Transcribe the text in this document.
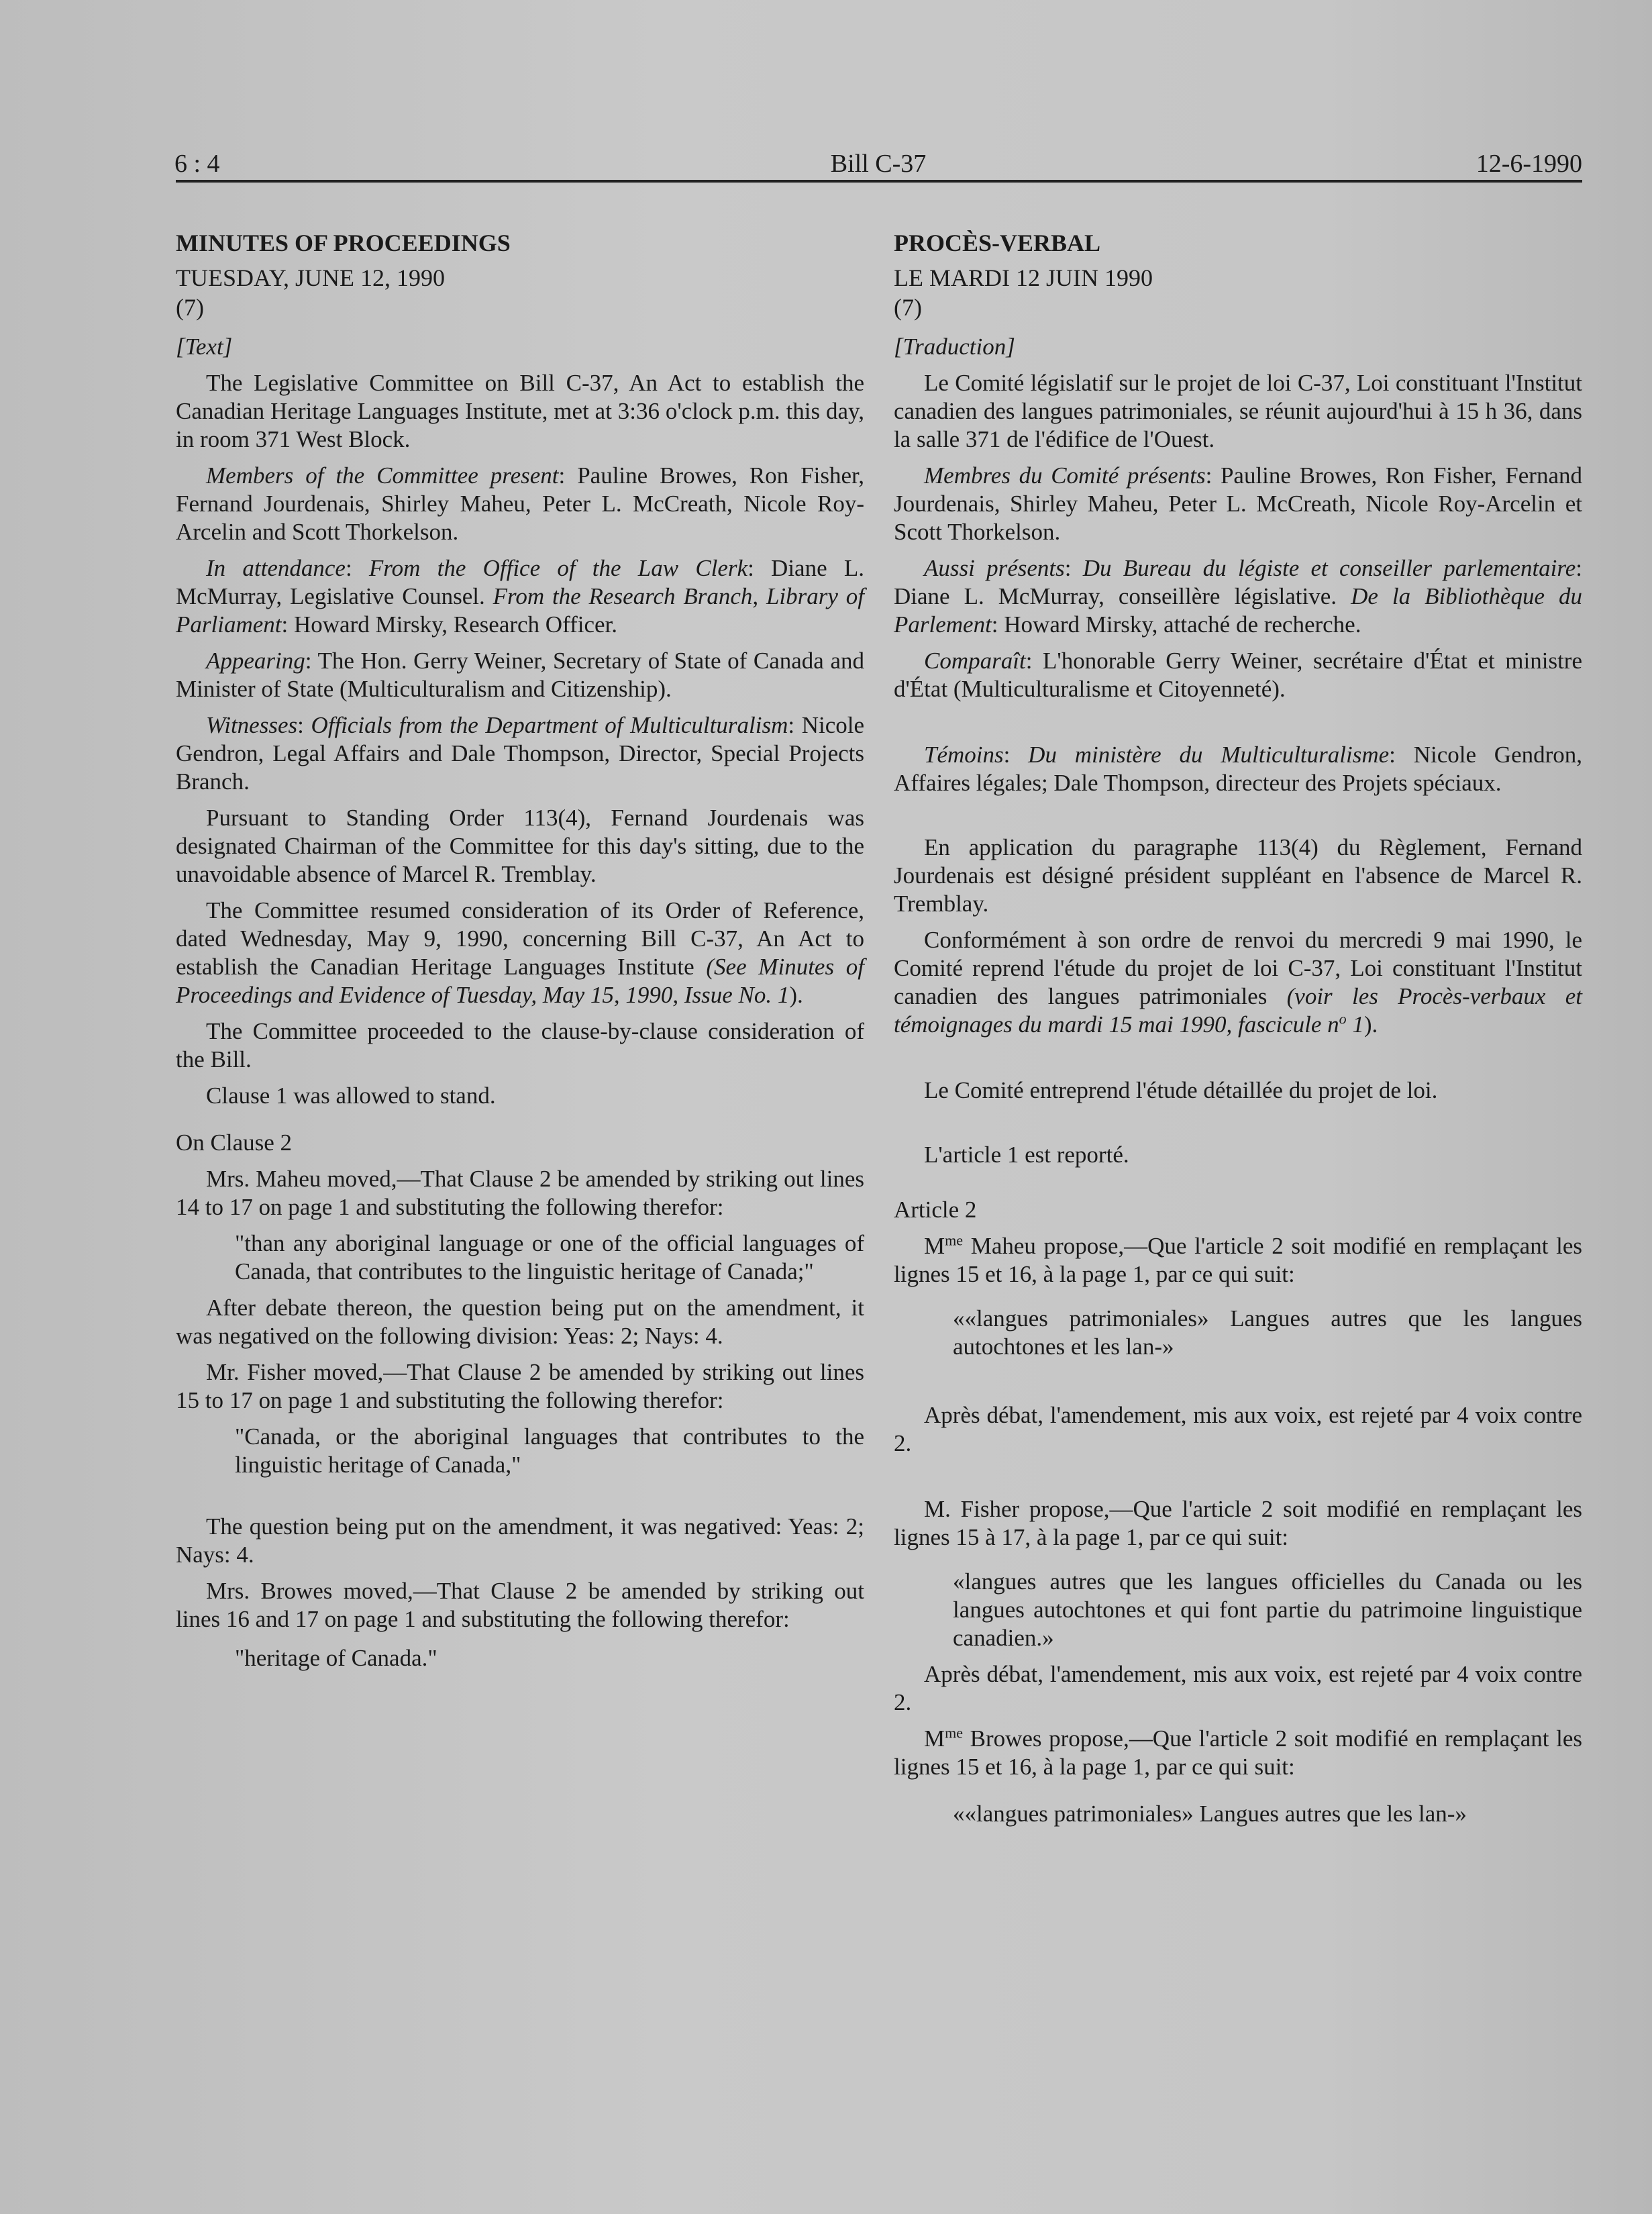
6 : 4	Bill C-37	12-6-1990

MINUTES OF PROCEEDINGS

TUESDAY, JUNE 12, 1990

(7)

[Text]

The Legislative Committee on Bill C-37, An Act to establish the Canadian Heritage Languages Institute, met at 3:36 o'clock p.m. this day, in room 371 West Block.

Members of the Committee present: Pauline Browes, Ron Fisher, Fernand Jourdenais, Shirley Maheu, Peter L. McCreath, Nicole Roy-Arcelin and Scott Thorkelson.

In attendance: From the Office of the Law Clerk: Diane L. McMurray, Legislative Counsel. From the Research Branch, Library of Parliament: Howard Mirsky, Research Officer.

Appearing: The Hon. Gerry Weiner, Secretary of State of Canada and Minister of State (Multiculturalism and Citizenship).

Witnesses: Officials from the Department of Multiculturalism: Nicole Gendron, Legal Affairs and Dale Thompson, Director, Special Projects Branch.

Pursuant to Standing Order 113(4), Fernand Jourdenais was designated Chairman of the Committee for this day's sitting, due to the unavoidable absence of Marcel R. Tremblay.

The Committee resumed consideration of its Order of Reference, dated Wednesday, May 9, 1990, concerning Bill C-37, An Act to establish the Canadian Heritage Languages Institute (See Minutes of Proceedings and Evidence of Tuesday, May 15, 1990, Issue No. 1).

The Committee proceeded to the clause-by-clause consideration of the Bill.

Clause 1 was allowed to stand.

On Clause 2

Mrs. Maheu moved,—That Clause 2 be amended by striking out lines 14 to 17 on page 1 and substituting the following therefor:

"than any aboriginal language or one of the official languages of Canada, that contributes to the linguistic heritage of Canada;"

After debate thereon, the question being put on the amendment, it was negatived on the following division: Yeas: 2; Nays: 4.

Mr. Fisher moved,—That Clause 2 be amended by striking out lines 15 to 17 on page 1 and substituting the following therefor:

"Canada, or the aboriginal languages that contributes to the linguistic heritage of Canada,"

The question being put on the amendment, it was negatived: Yeas: 2; Nays: 4.

Mrs. Browes moved,—That Clause 2 be amended by striking out lines 16 and 17 on page 1 and substituting the following therefor:

"heritage of Canada."

PROCÈS-VERBAL

LE MARDI 12 JUIN 1990

(7)

[Traduction]

Le Comité législatif sur le projet de loi C-37, Loi constituant l'Institut canadien des langues patrimoniales, se réunit aujourd'hui à 15 h 36, dans la salle 371 de l'édifice de l'Ouest.

Membres du Comité présents: Pauline Browes, Ron Fisher, Fernand Jourdenais, Shirley Maheu, Peter L. McCreath, Nicole Roy-Arcelin et Scott Thorkelson.

Aussi présents: Du Bureau du légiste et conseiller parlementaire: Diane L. McMurray, conseillère législative. De la Bibliothèque du Parlement: Howard Mirsky, attaché de recherche.

Comparaît: L'honorable Gerry Weiner, secrétaire d'État et ministre d'État (Multiculturalisme et Citoyenneté).

Témoins: Du ministère du Multiculturalisme: Nicole Gendron, Affaires légales; Dale Thompson, directeur des Projets spéciaux.

En application du paragraphe 113(4) du Règlement, Fernand Jourdenais est désigné président suppléant en l'absence de Marcel R. Tremblay.

Conformément à son ordre de renvoi du mercredi 9 mai 1990, le Comité reprend l'étude du projet de loi C-37, Loi constituant l'Institut canadien des langues patrimoniales (voir les Procès-verbaux et témoignages du mardi 15 mai 1990, fascicule $n^o$ 1).

Le Comité entreprend l'étude détaillée du projet de loi.

L'article 1 est reporté.

Article 2

$M^{me}$ Maheu propose,—Que l'article 2 soit modifié en remplaçant les lignes 15 et 16, à la page 1, par ce qui suit:

««langues patrimoniales» Langues autres que les langues autochtones et les lan-»

Après débat, l'amendement, mis aux voix, est rejeté par 4 voix contre 2.

M. Fisher propose,—Que l'article 2 soit modifié en remplaçant les lignes 15 à 17, à la page 1, par ce qui suit:

«langues autres que les langues officielles du Canada ou les langues autochtones et qui font partie du patrimoine linguistique canadien.»

Après débat, l'amendement, mis aux voix, est rejeté par 4 voix contre 2.

$M^{me}$ Browes propose,—Que l'article 2 soit modifié en remplaçant les lignes 15 et 16, à la page 1, par ce qui suit:

««langues patrimoniales» Langues autres que les lan-»
